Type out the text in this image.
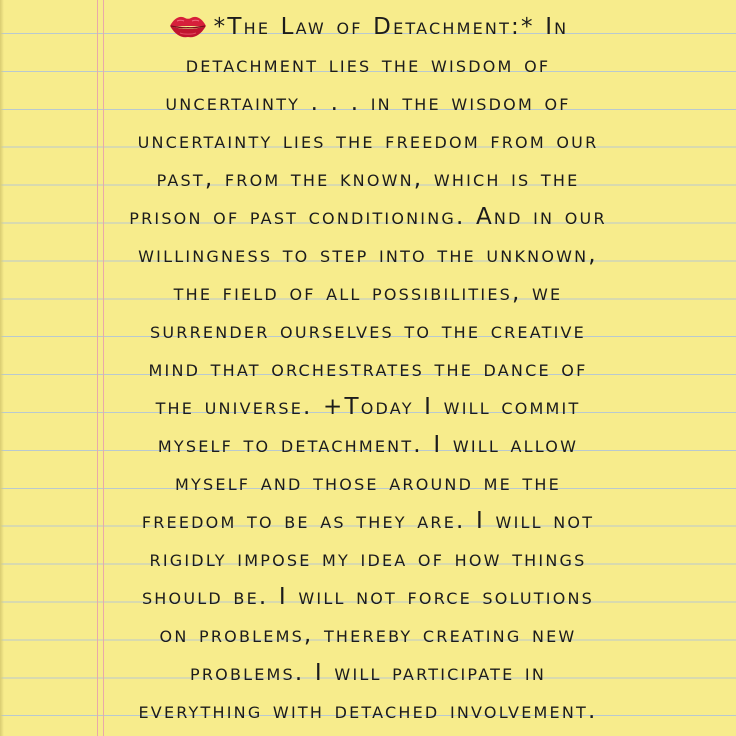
*The Law of Detachment:* In
detachment lies the wisdom of
uncertainty . . . in the wisdom of
uncertainty lies the freedom from our
past, from the known, which is the
prison of past conditioning. And in our
willingness to step into the unknown,
the field of all possibilities, we
surrender ourselves to the creative
mind that orchestrates the dance of
the universe. +Today I will commit
myself to detachment. I will allow
myself and those around me the
freedom to be as they are. I will not
rigidly impose my idea of how things
should be. I will not force solutions
on problems, thereby creating new
problems. I will participate in
everything with detached involvement.
